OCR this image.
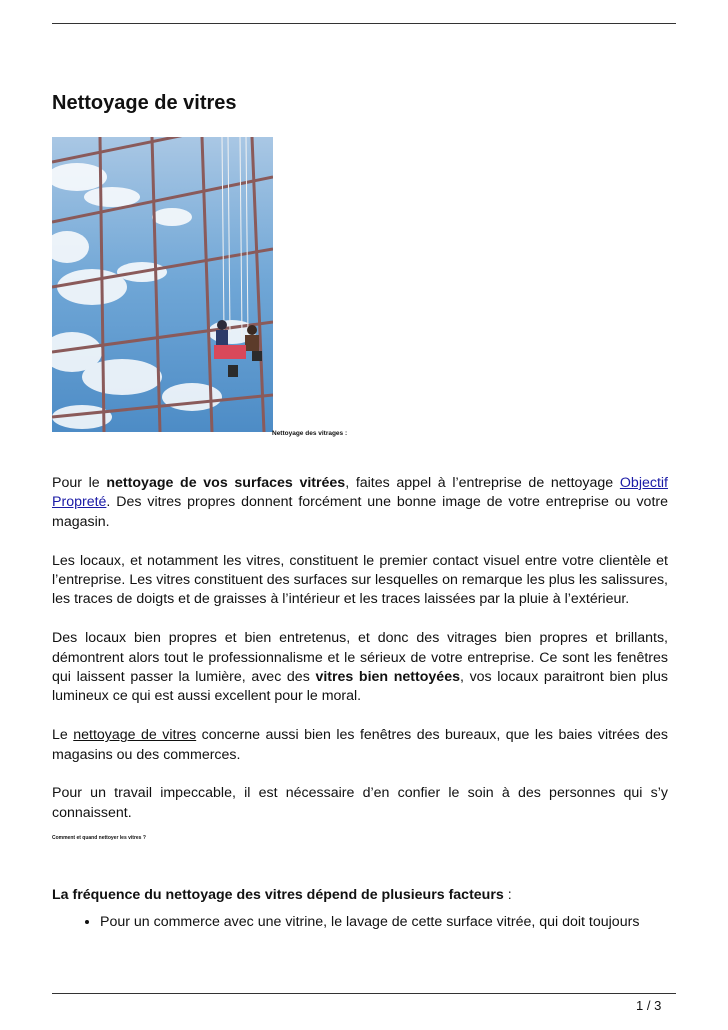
Nettoyage de vitres
Nettoyage des vitrages :

Pour le nettoyage de vos surfaces vitrées, faites appel à l’entreprise de nettoyage Objectif Propreté. Des vitres propres donnent forcément une bonne image de votre entreprise ou votre magasin.

Les locaux, et notamment les vitres, constituent le premier contact visuel entre votre clientèle et l’entreprise. Les vitres constituent des surfaces sur lesquelles on remarque les plus les salissures, les traces de doigts et de graisses à l’intérieur et les traces laissées par la pluie à l’extérieur.

Des locaux bien propres et bien entretenus, et donc des vitrages bien propres et brillants, démontrent alors tout le professionnalisme et le sérieux de votre entreprise. Ce sont les fenêtres qui laissent passer la lumière, avec des vitres bien nettoyées, vos locaux paraitront bien plus lumineux ce qui est aussi excellent pour le moral.

Le nettoyage de vitres concerne aussi bien les fenêtres des bureaux, que les baies vitrées des magasins ou des commerces.

Pour un travail impeccable, il est nécessaire d’en confier le soin à des personnes qui s’y connaissent.

Comment et quand nettoyer les vitres ?

La fréquence du nettoyage des vitres dépend de plusieurs facteurs :

• Pour un commerce avec une vitrine, le lavage de cette surface vitrée, qui doit toujours
1 / 3
